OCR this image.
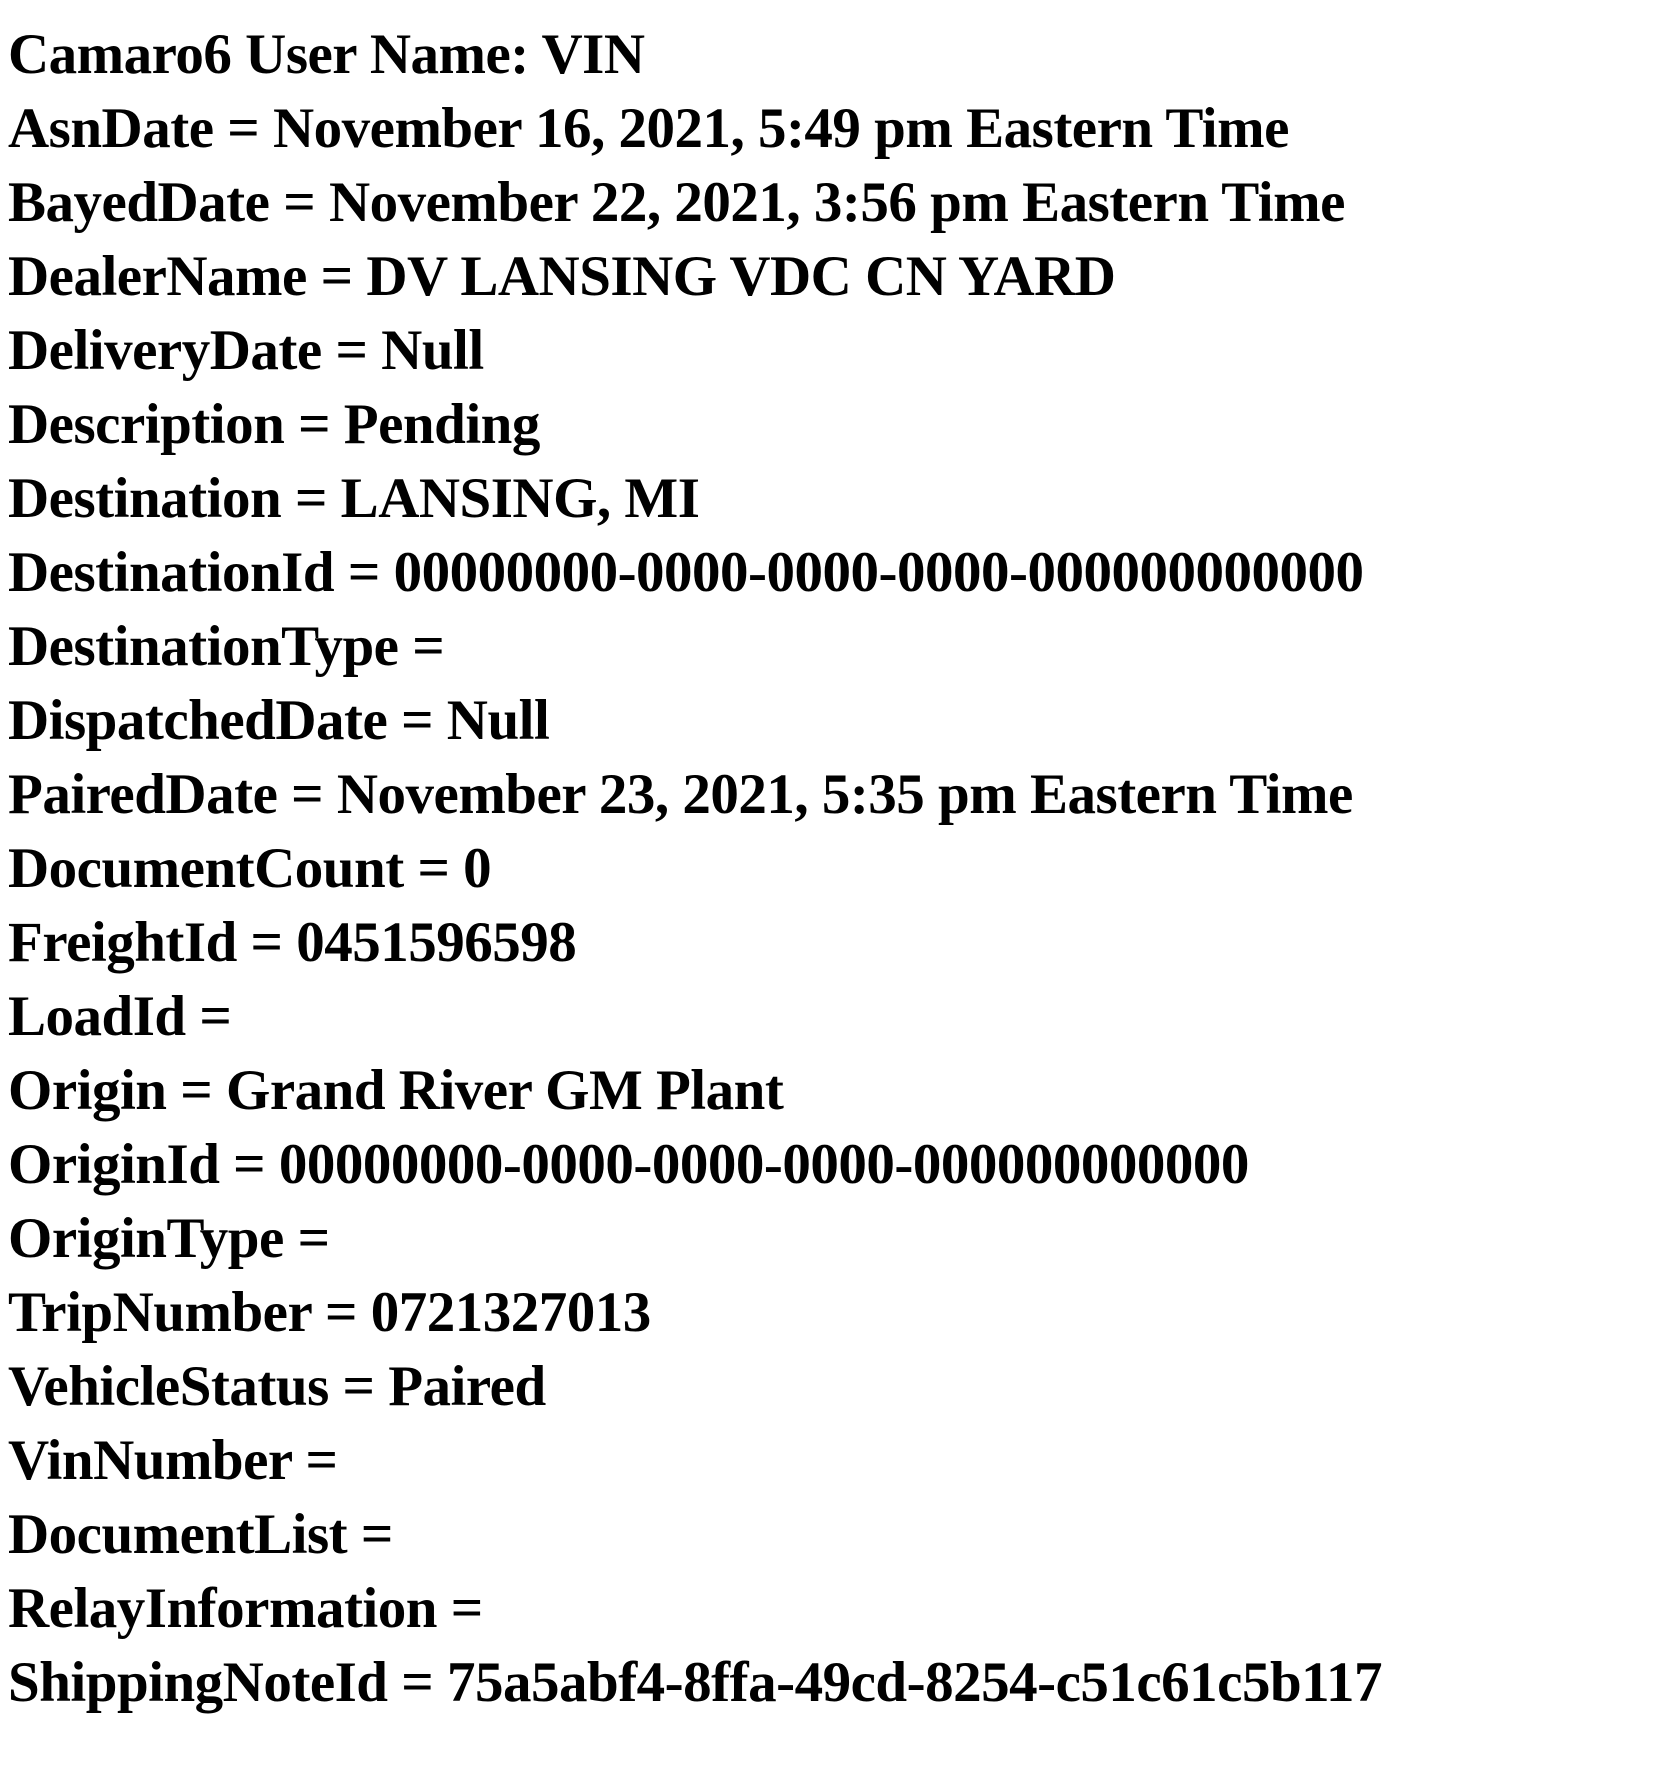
Camaro6 User Name: VIN
AsnDate = November 16, 2021, 5:49 pm Eastern Time
BayedDate = November 22, 2021, 3:56 pm Eastern Time
DealerName = DV LANSING VDC CN YARD
DeliveryDate = Null
Description = Pending
Destination = LANSING, MI
DestinationId = 00000000-0000-0000-0000-000000000000
DestinationType =
DispatchedDate = Null
PairedDate = November 23, 2021, 5:35 pm Eastern Time
DocumentCount = 0
FreightId = 0451596598
LoadId =
Origin = Grand River GM Plant
OriginId = 00000000-0000-0000-0000-000000000000
OriginType =
TripNumber = 0721327013
VehicleStatus = Paired
VinNumber =
DocumentList =
RelayInformation =
ShippingNoteId = 75a5abf4-8ffa-49cd-8254-c51c61c5b117
